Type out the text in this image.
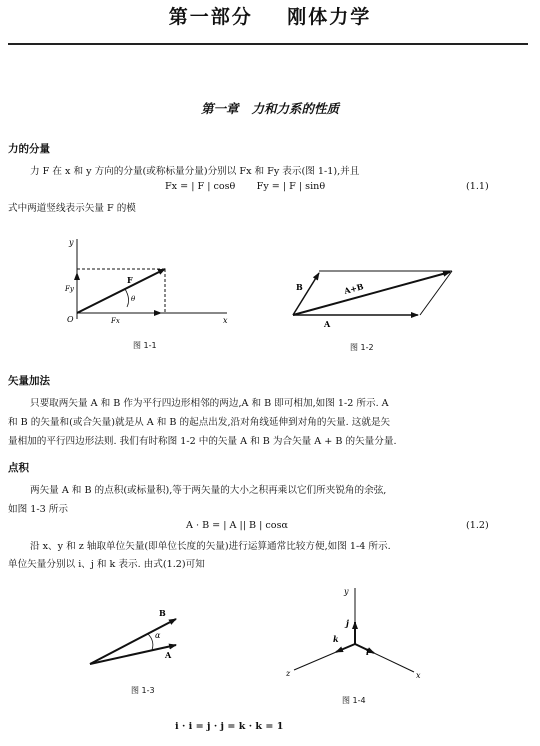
第一部分    刚体力学
第一章   力和力系的性质
力的分量
力 F 在 x 和 y 方向的分量(或称标量分量)分别以 Fx 和 Fy 表示(图 1-1),并且
Fx = | F | cosθ       Fy = | F | sinθ	(1.1)
式中两道竖线表示矢量 F 的模
y
x
O
F
Fx
Fy
θ
图 1-1
B
A
A+B
图 1-2
矢量加法
只要取两矢量 A 和 B 作为平行四边形相邻的两边,A 和 B 即可相加,如图 1-2 所示. A
和 B 的矢量和(或合矢量)就是从 A 和 B 的起点出发,沿对角线延伸到对角的矢量. 这就是矢
量相加的平行四边形法则. 我们有时称图 1-2 中的矢量 A 和 B 为合矢量 A + B 的矢量分量.
点积
两矢量 A 和 B 的点积(或标量积),等于两矢量的大小之积再乘以它们所夹锐角的余弦,
如图 1-3 所示
A · B = | A || B | cosα	(1.2)
沿 x、y 和 z 轴取单位矢量(即单位长度的矢量)进行运算通常比较方便,如图 1-4 所示.
单位矢量分别以 i、j 和 k 表示. 由式(1.2)可知
B
A
α
图 1-3
y
x
z
j
i
k
图 1-4
i · i = j · j = k · k = 1
